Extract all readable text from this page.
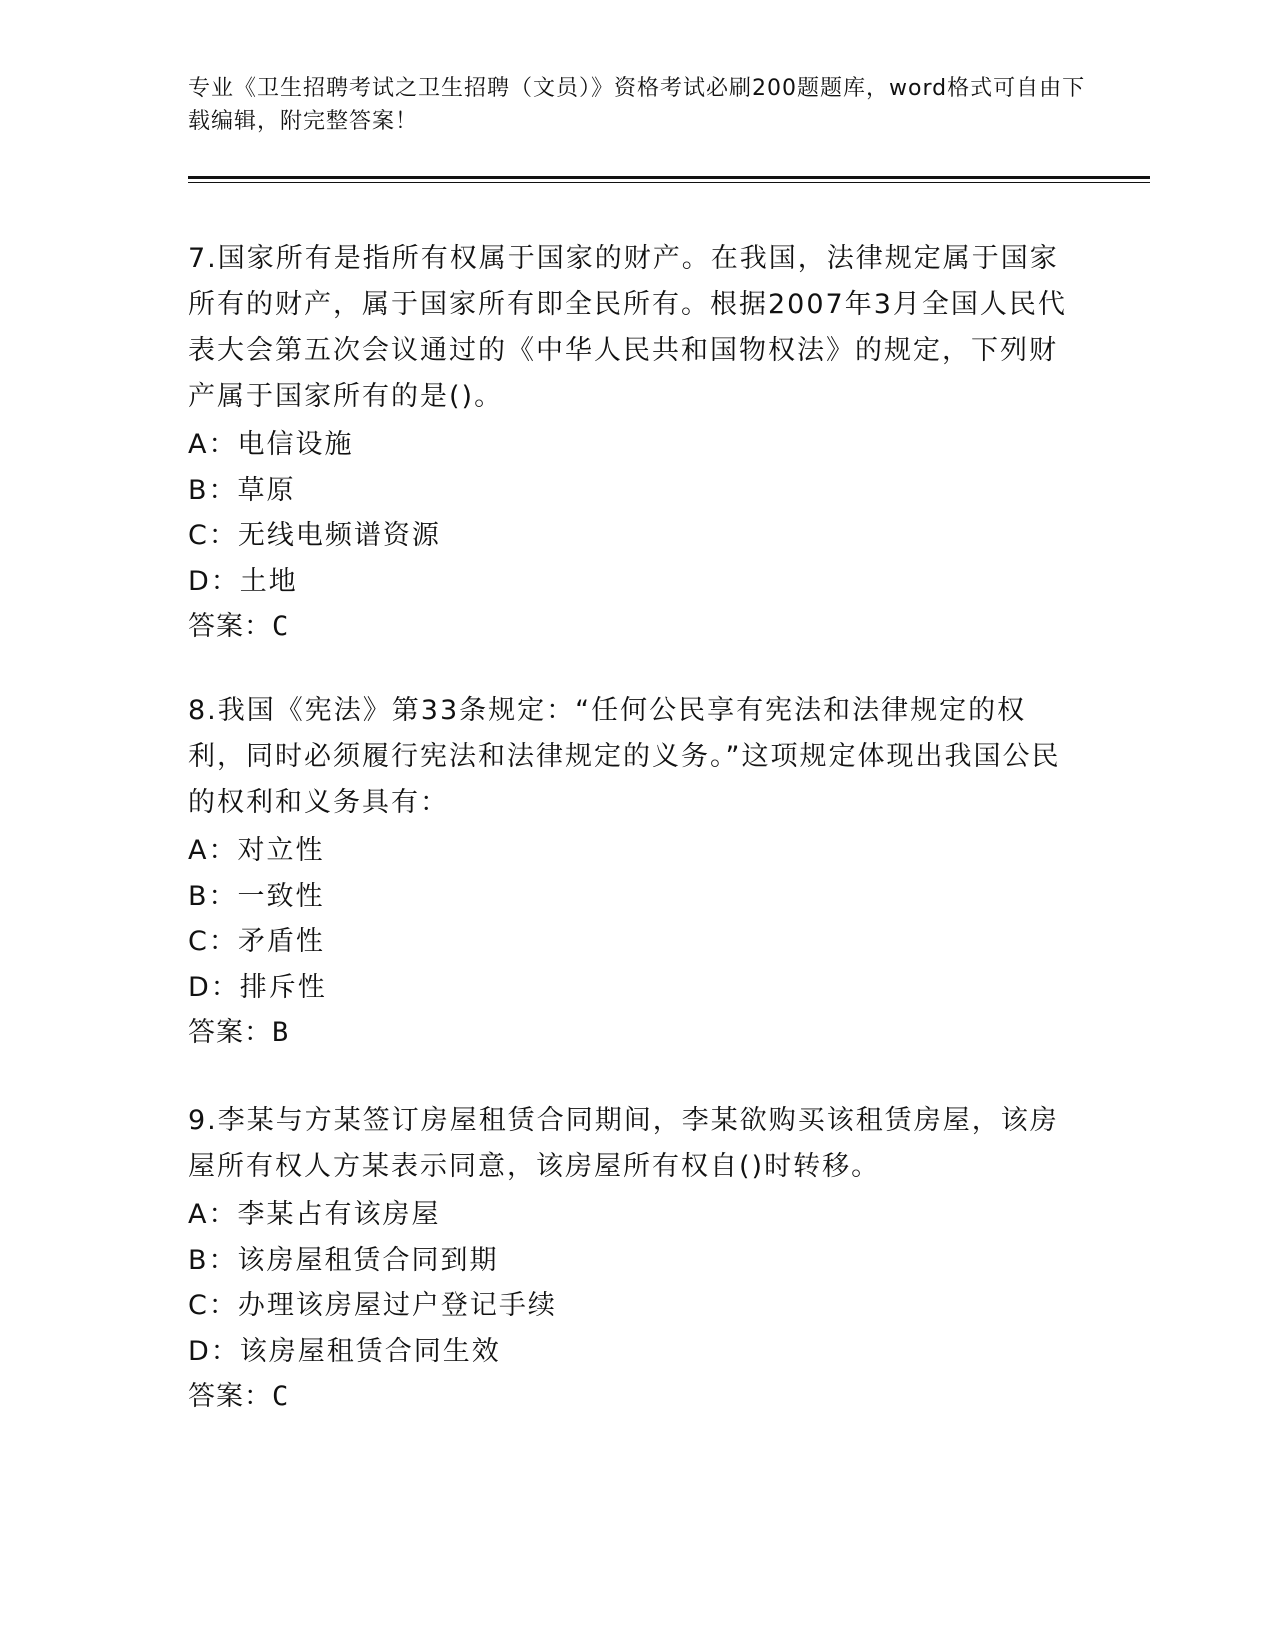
专业《卫生招聘考试之卫生招聘（文员）》资格考试必刷200题题库，word格式可自由下载编辑，附完整答案！
7.国家所有是指所有权属于国家的财产。在我国，法律规定属于国家所有的财产，属于国家所有即全民所有。根据2007年3月全国人民代表大会第五次会议通过的《中华人民共和国物权法》的规定，下列财产属于国家所有的是()。
A：电信设施
B：草原
C：无线电频谱资源
D：土地
答案：C
8.我国《宪法》第33条规定：“任何公民享有宪法和法律规定的权利，同时必须履行宪法和法律规定的义务。”这项规定体现出我国公民的权利和义务具有：
A：对立性
B：一致性
C：矛盾性
D：排斥性
答案：B
9.李某与方某签订房屋租赁合同期间，李某欲购买该租赁房屋，该房屋所有权人方某表示同意，该房屋所有权自()时转移。
A：李某占有该房屋
B：该房屋租赁合同到期
C：办理该房屋过户登记手续
D：该房屋租赁合同生效
答案：C
